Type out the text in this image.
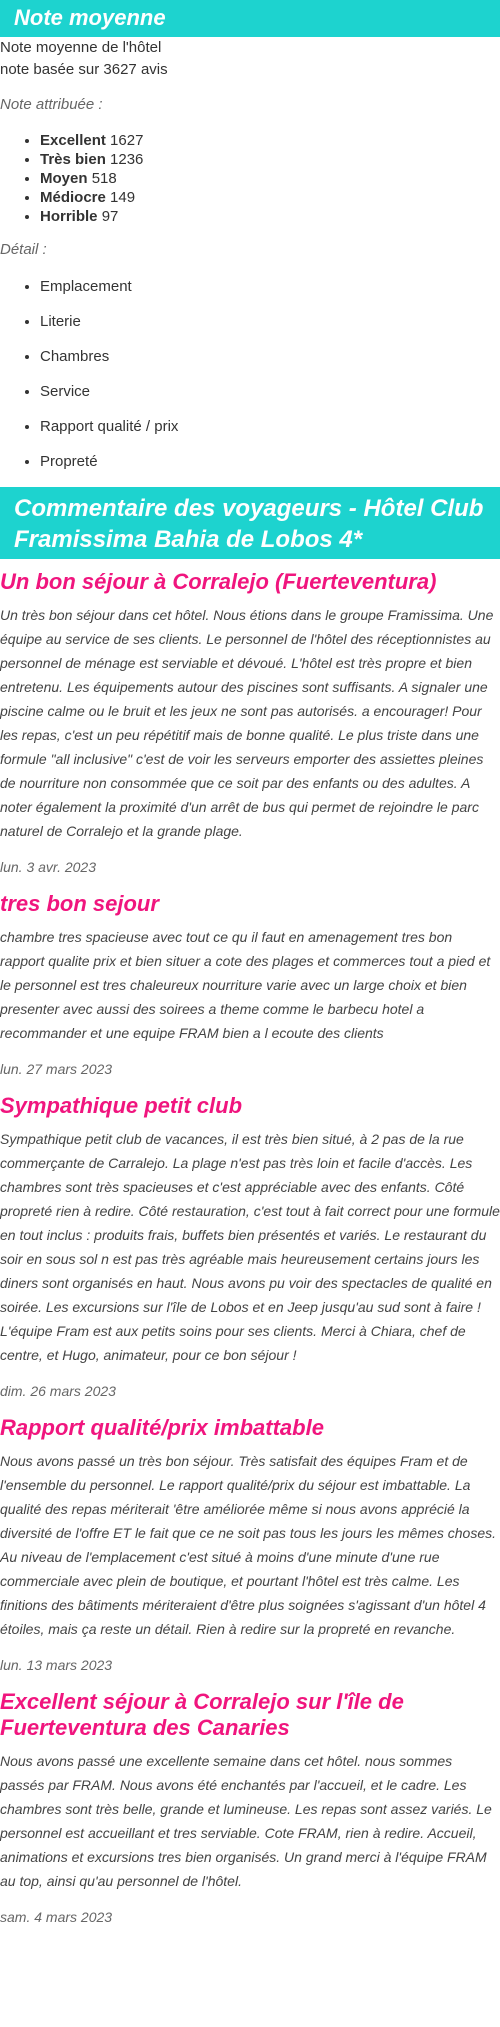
Note moyenne

Note moyenne de l'hôtel

note basée sur 3627 avis

Note attribuée :

• Excellent 1627
• Très bien 1236
• Moyen 518
• Médiocre 149
• Horrible 97

Détail :

• Emplacement
• Literie
• Chambres
• Service
• Rapport qualité / prix
• Propreté
Commentaire des voyageurs - Hôtel Club Framissima Bahia de Lobos 4*
Un bon séjour à Corralejo (Fuerteventura)

Un très bon séjour dans cet hôtel. Nous étions dans le groupe Framissima. Une équipe au service de ses clients. Le personnel de l'hôtel des réceptionnistes au personnel de ménage est serviable et dévoué. L'hôtel est très propre et bien entretenu. Les équipements autour des piscines sont suffisants. A signaler une piscine calme ou le bruit et les jeux ne sont pas autorisés. a encourager! Pour les repas, c'est un peu répétitif mais de bonne qualité. Le plus triste dans une formule "all inclusive" c'est de voir les serveurs emporter des assiettes pleines de nourriture non consommée que ce soit par des enfants ou des adultes. A noter également la proximité d'un arrêt de bus qui permet de rejoindre le parc naturel de Corralejo et la grande plage.

lun. 3 avr. 2023

tres bon sejour

chambre tres spacieuse avec tout ce qu il faut en amenagement tres bon rapport qualite prix et bien situer a cote des plages et commerces tout a pied et le personnel est tres chaleureux nourriture varie avec un large choix et bien presenter avec aussi des soirees a theme comme le barbecu hotel a recommander et une equipe FRAM bien a l ecoute des clients

lun. 27 mars 2023

Sympathique petit club

Sympathique petit club de vacances, il est très bien situé, à 2 pas de la rue commerçante de Carralejo. La plage n'est pas très loin et facile d'accès. Les chambres sont très spacieuses et c'est appréciable avec des enfants. Côté propreté rien à redire. Côté restauration, c'est tout à fait correct pour une formule en tout inclus : produits frais, buffets bien présentés et variés. Le restaurant du soir en sous sol n est pas très agréable mais heureusement certains jours les diners sont organisés en haut. Nous avons pu voir des spectacles de qualité en soirée. Les excursions sur l'île de Lobos et en Jeep jusqu'au sud sont à faire ! L'équipe Fram est aux petits soins pour ses clients. Merci à Chiara, chef de centre, et Hugo, animateur, pour ce bon séjour !

dim. 26 mars 2023

Rapport qualité/prix imbattable

Nous avons passé un très bon séjour. Très satisfait des équipes Fram et de l'ensemble du personnel. Le rapport qualité/prix du séjour est imbattable. La qualité des repas mériterait 'être améliorée même si nous avons apprécié la diversité de l'offre ET le fait que ce ne soit pas tous les jours les mêmes choses. Au niveau de l'emplacement c'est situé à moins d'une minute d'une rue commerciale avec plein de boutique, et pourtant l'hôtel est très calme. Les finitions des bâtiments mériteraient d'être plus soignées s'agissant d'un hôtel 4 étoiles, mais ça reste un détail. Rien à redire sur la propreté en revanche.

lun. 13 mars 2023

Excellent séjour à Corralejo sur l'île de Fuerteventura des Canaries

Nous avons passé une excellente semaine dans cet hôtel. nous sommes passés par FRAM. Nous avons été enchantés par l'accueil, et le cadre. Les chambres sont très belle, grande et lumineuse. Les repas sont assez variés. Le personnel est accueillant et tres serviable. Cote FRAM, rien à redire. Accueil, animations et excursions tres bien organisés. Un grand merci à l'équipe FRAM au top, ainsi qu'au personnel de l'hôtel.

sam. 4 mars 2023
